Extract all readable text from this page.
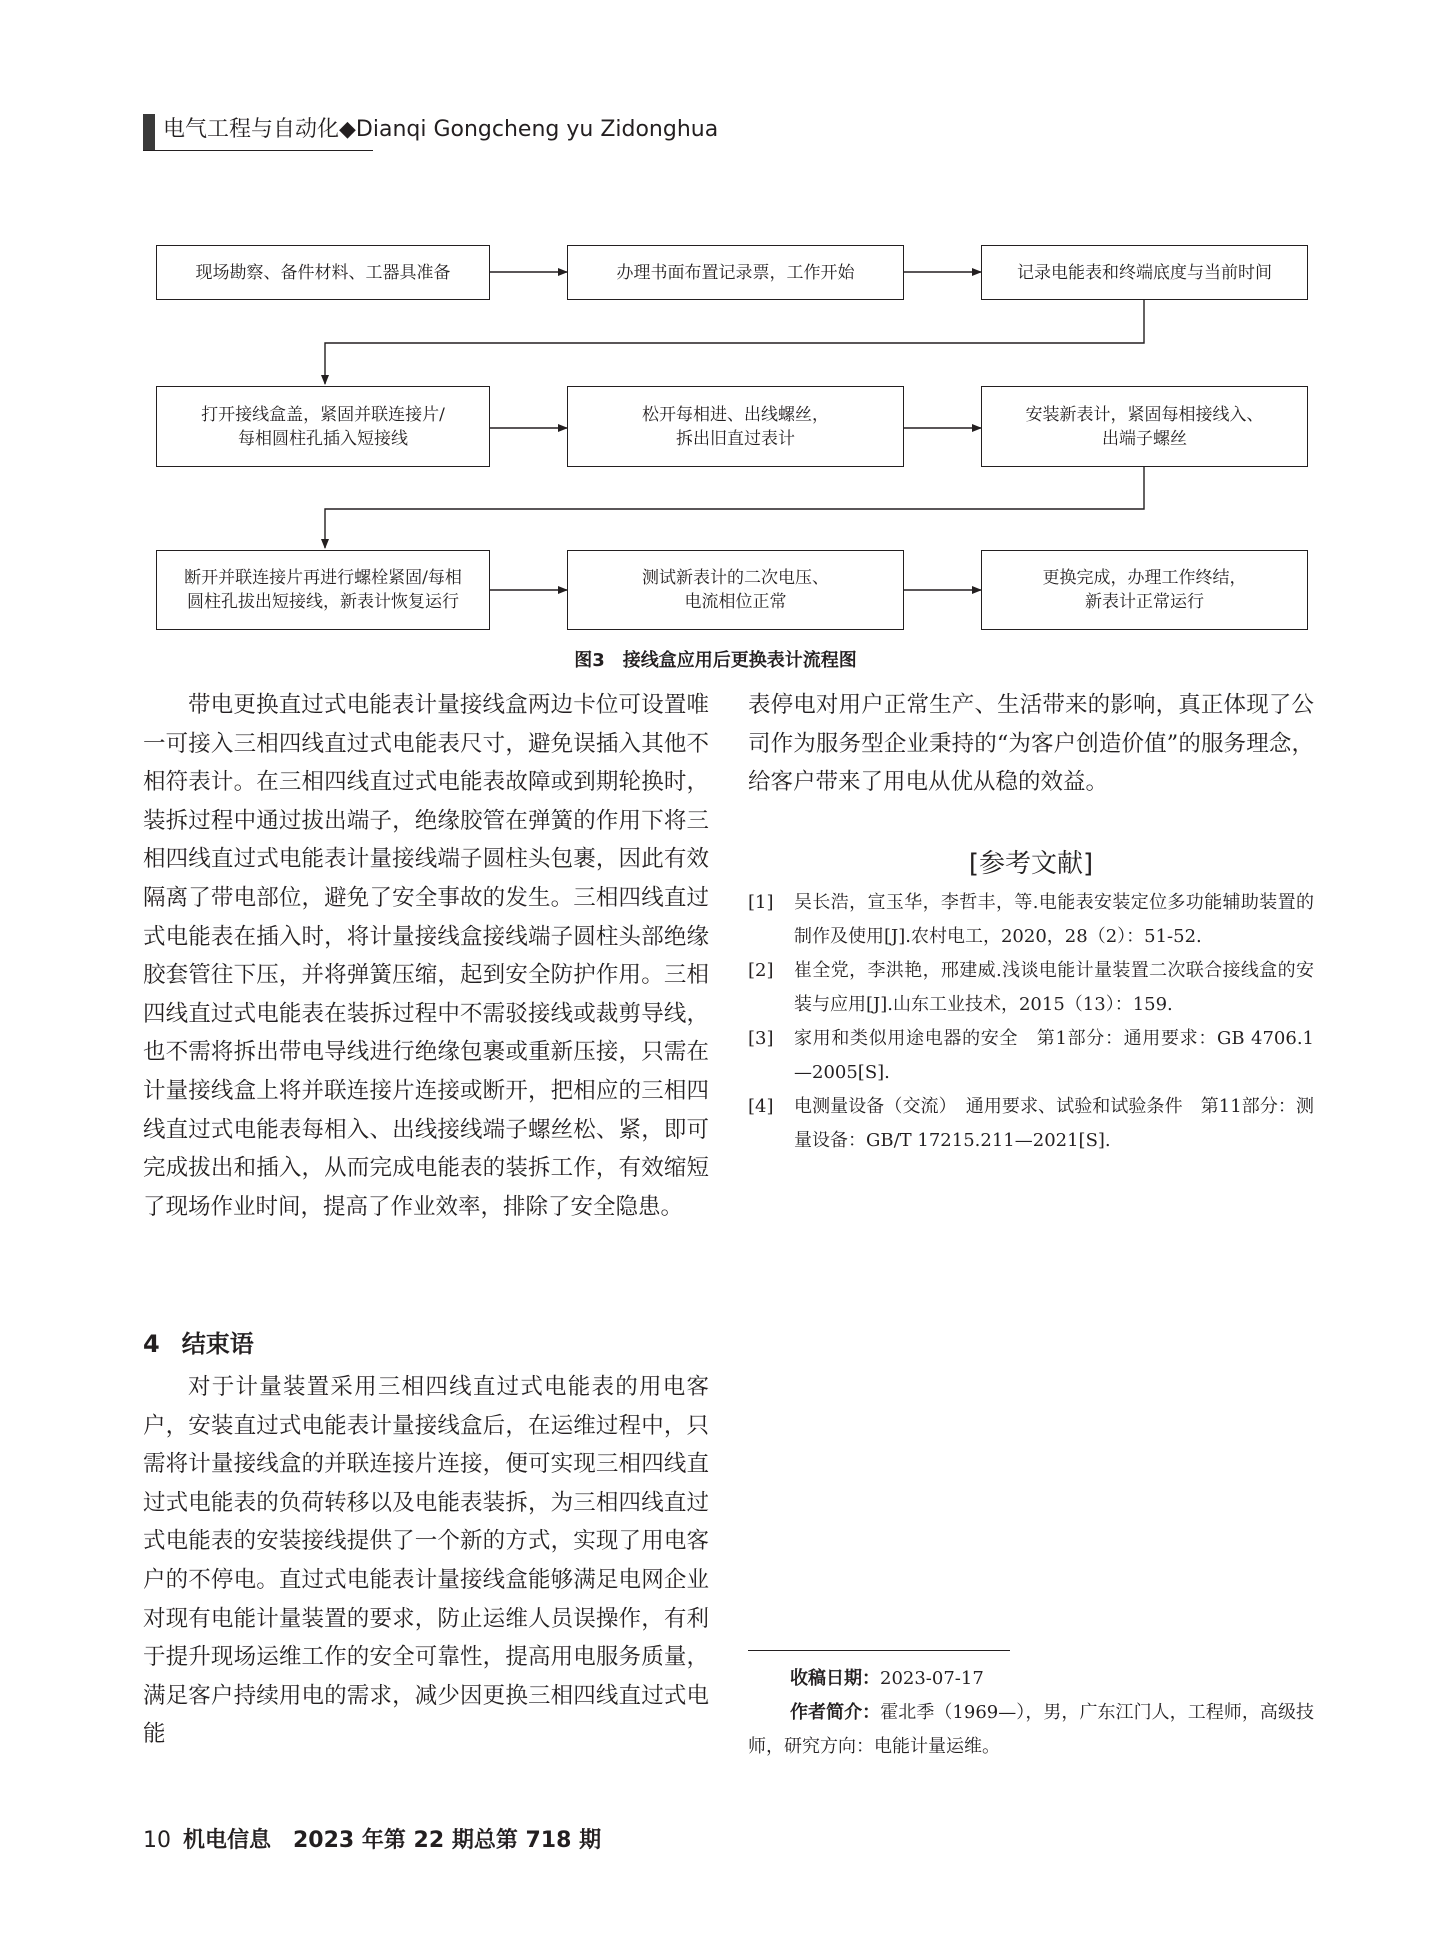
电气工程与自动化◆Dianqi Gongcheng yu Zidonghua
现场勘察、备件材料、工器具准备	办理书面布置记录票，工作开始	记录电能表和终端底度与当前时间
打开接线盒盖，紧固并联连接片/
每相圆柱孔插入短接线
松开每相进、出线螺丝，
拆出旧直过表计
安装新表计，紧固每相接线入、
出端子螺丝
断开并联连接片再进行螺栓紧固/每相
圆柱孔拔出短接线，新表计恢复运行
测试新表计的二次电压、
电流相位正常
更换完成，办理工作终结，
新表计正常运行
图3　接线盒应用后更换表计流程图

带电更换直过式电能表计量接线盒两边卡位可设置唯一可接入三相四线直过式电能表尺寸，避免误插入其他不相符表计。在三相四线直过式电能表故障或到期轮换时，装拆过程中通过拔出端子，绝缘胶管在弹簧的作用下将三相四线直过式电能表计量接线端子圆柱头包裹，因此有效隔离了带电部位，避免了安全事故的发生。三相四线直过式电能表在插入时，将计量接线盒接线端子圆柱头部绝缘胶套管往下压，并将弹簧压缩，起到安全防护作用。三相四线直过式电能表在装拆过程中不需驳接线或裁剪导线，也不需将拆出带电导线进行绝缘包裹或重新压接，只需在计量接线盒上将并联连接片连接或断开，把相应的三相四线直过式电能表每相入、出线接线端子螺丝松、紧，即可完成拔出和插入，从而完成电能表的装拆工作，有效缩短了现场作业时间，提高了作业效率，排除了安全隐患。

4 结束语

对于计量装置采用三相四线直过式电能表的用电客户，安装直过式电能表计量接线盒后，在运维过程中，只需将计量接线盒的并联连接片连接，便可实现三相四线直过式电能表的负荷转移以及电能表装拆，为三相四线直过式电能表的安装接线提供了一个新的方式，实现了用电客户的不停电。直过式电能表计量接线盒能够满足电网企业对现有电能计量装置的要求，防止运维人员误操作，有利于提升现场运维工作的安全可靠性，提高用电服务质量，满足客户持续用电的需求，减少因更换三相四线直过式电能

表停电对用户正常生产、生活带来的影响，真正体现了公司作为服务型企业秉持的“为客户创造价值”的服务理念，给客户带来了用电从优从稳的效益。

[参考文献]
[1] 吴长浩，宣玉华，李哲丰，等.电能表安装定位多功能辅助装置的制作及使用[J].农村电工，2020，28（2）：51-52.
[2] 崔全党，李洪艳，邢建威.浅谈电能计量装置二次联合接线盒的安装与应用[J].山东工业技术，2015（13）：159.
[3] 家用和类似用途电器的安全　第1部分：通用要求：GB 4706.1—2005[S].
[4] 电测量设备（交流）　通用要求、试验和试验条件　第11部分：测量设备：GB/T 17215.211—2021[S].
收稿日期：2023-07-17
作者简介：霍北季（1969—），男，广东江门人，工程师，高级技师，研究方向：电能计量运维。
10 机电信息　2023 年第 22 期总第 718 期
